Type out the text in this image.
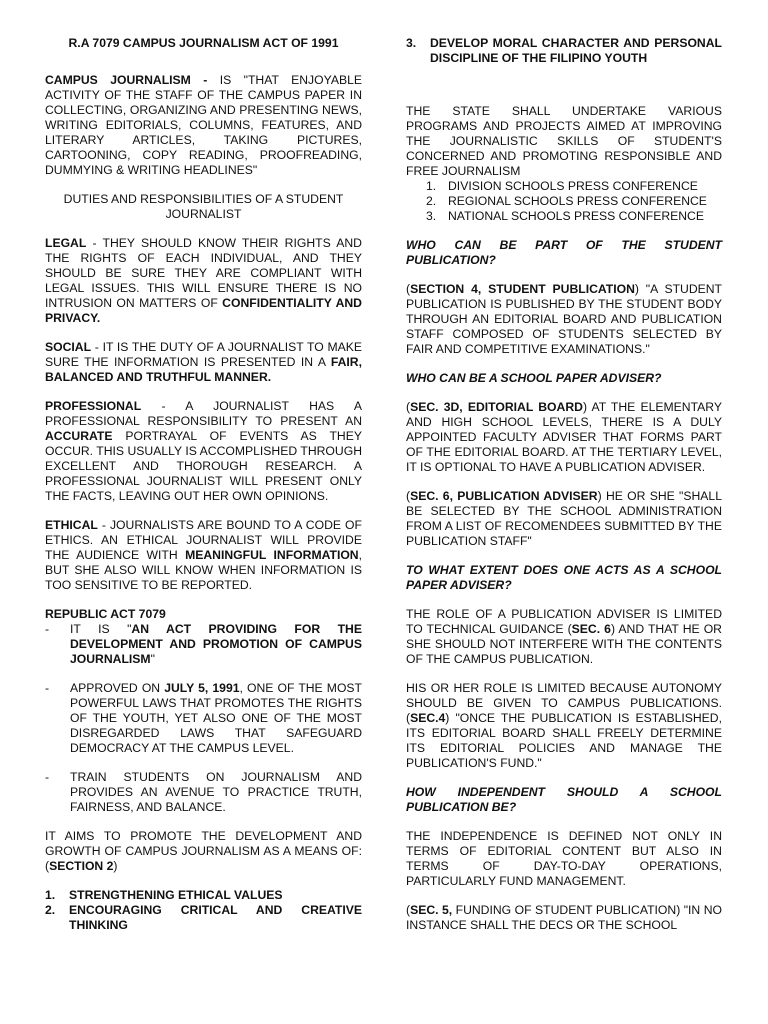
R.A 7079 CAMPUS JOURNALISM ACT OF 1991

CAMPUS JOURNALISM - IS "THAT ENJOYABLE ACTIVITY OF THE STAFF OF THE CAMPUS PAPER IN COLLECTING, ORGANIZING AND PRESENTING NEWS, WRITING EDITORIALS, COLUMNS, FEATURES, AND LITERARY ARTICLES, TAKING PICTURES, CARTOONING, COPY READING, PROOFREADING, DUMMYING & WRITING HEADLINES"

DUTIES AND RESPONSIBILITIES OF A STUDENT JOURNALIST

LEGAL - THEY SHOULD KNOW THEIR RIGHTS AND THE RIGHTS OF EACH INDIVIDUAL, AND THEY SHOULD BE SURE THEY ARE COMPLIANT WITH LEGAL ISSUES. THIS WILL ENSURE THERE IS NO INTRUSION ON MATTERS OF CONFIDENTIALITY AND PRIVACY.

SOCIAL - IT IS THE DUTY OF A JOURNALIST TO MAKE SURE THE INFORMATION IS PRESENTED IN A FAIR, BALANCED AND TRUTHFUL MANNER.

PROFESSIONAL - A JOURNALIST HAS A PROFESSIONAL RESPONSIBILITY TO PRESENT AN ACCURATE PORTRAYAL OF EVENTS AS THEY OCCUR. THIS USUALLY IS ACCOMPLISHED THROUGH EXCELLENT AND THOROUGH RESEARCH. A PROFESSIONAL JOURNALIST WILL PRESENT ONLY THE FACTS, LEAVING OUT HER OWN OPINIONS.

ETHICAL - JOURNALISTS ARE BOUND TO A CODE OF ETHICS. AN ETHICAL JOURNALIST WILL PROVIDE THE AUDIENCE WITH MEANINGFUL INFORMATION, BUT SHE ALSO WILL KNOW WHEN INFORMATION IS TOO SENSITIVE TO BE REPORTED.

REPUBLIC ACT 7079

-	IT IS "AN ACT PROVIDING FOR THE DEVELOPMENT AND PROMOTION OF CAMPUS JOURNALISM"

-	APPROVED ON JULY 5, 1991, ONE OF THE MOST POWERFUL LAWS THAT PROMOTES THE RIGHTS OF THE YOUTH, YET ALSO ONE OF THE MOST DISREGARDED LAWS THAT SAFEGUARD DEMOCRACY AT THE CAMPUS LEVEL.

-	TRAIN STUDENTS ON JOURNALISM AND PROVIDES AN AVENUE TO PRACTICE TRUTH, FAIRNESS, AND BALANCE.

IT AIMS TO PROMOTE THE DEVELOPMENT AND GROWTH OF CAMPUS JOURNALISM AS A MEANS OF: (SECTION 2)

1.	STRENGTHENING ETHICAL VALUES
2.	ENCOURAGING CRITICAL AND CREATIVE THINKING
3.	DEVELOP MORAL CHARACTER AND PERSONAL DISCIPLINE OF THE FILIPINO YOUTH

THE STATE SHALL UNDERTAKE VARIOUS PROGRAMS AND PROJECTS AIMED AT IMPROVING THE JOURNALISTIC SKILLS OF STUDENT'S CONCERNED AND PROMOTING RESPONSIBLE AND FREE JOURNALISM

1. DIVISION SCHOOLS PRESS CONFERENCE
2. REGIONAL SCHOOLS PRESS CONFERENCE
3. NATIONAL SCHOOLS PRESS CONFERENCE

WHO CAN BE PART OF THE STUDENT PUBLICATION?

(SECTION 4, STUDENT PUBLICATION) "A STUDENT PUBLICATION IS PUBLISHED BY THE STUDENT BODY THROUGH AN EDITORIAL BOARD AND PUBLICATION STAFF COMPOSED OF STUDENTS SELECTED BY FAIR AND COMPETITIVE EXAMINATIONS."

WHO CAN BE A SCHOOL PAPER ADVISER?

(SEC. 3D, EDITORIAL BOARD) AT THE ELEMENTARY AND HIGH SCHOOL LEVELS, THERE IS A DULY APPOINTED FACULTY ADVISER THAT FORMS PART OF THE EDITORIAL BOARD. AT THE TERTIARY LEVEL, IT IS OPTIONAL TO HAVE A PUBLICATION ADVISER.

(SEC. 6, PUBLICATION ADVISER) HE OR SHE "SHALL BE SELECTED BY THE SCHOOL ADMINISTRATION FROM A LIST OF RECOMENDEES SUBMITTED BY THE PUBLICATION STAFF"

TO WHAT EXTENT DOES ONE ACTS AS A SCHOOL PAPER ADVISER?

THE ROLE OF A PUBLICATION ADVISER IS LIMITED TO TECHNICAL GUIDANCE (SEC. 6) AND THAT HE OR SHE SHOULD NOT INTERFERE WITH THE CONTENTS OF THE CAMPUS PUBLICATION.

HIS OR HER ROLE IS LIMITED BECAUSE AUTONOMY SHOULD BE GIVEN TO CAMPUS PUBLICATIONS. (SEC.4) "ONCE THE PUBLICATION IS ESTABLISHED, ITS EDITORIAL BOARD SHALL FREELY DETERMINE ITS EDITORIAL POLICIES AND MANAGE THE PUBLICATION'S FUND."

HOW INDEPENDENT SHOULD A SCHOOL PUBLICATION BE?

THE INDEPENDENCE IS DEFINED NOT ONLY IN TERMS OF EDITORIAL CONTENT BUT ALSO IN TERMS OF DAY-TO-DAY OPERATIONS, PARTICULARLY FUND MANAGEMENT.

(SEC. 5, FUNDING OF STUDENT PUBLICATION) "IN NO INSTANCE SHALL THE DECS OR THE SCHOOL
